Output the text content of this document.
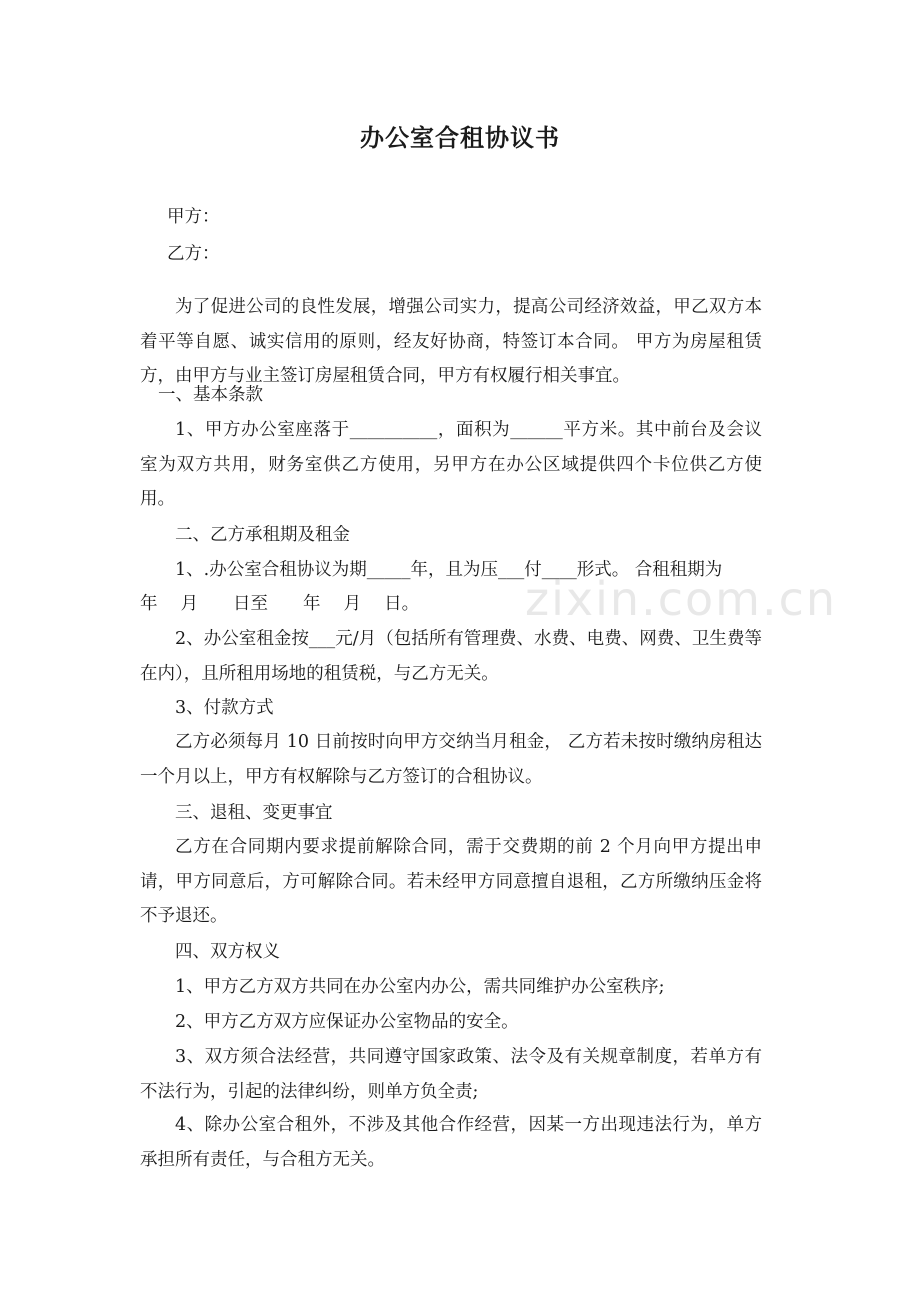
zixin.com.cn
办公室合租协议书
甲方：
乙方：
为了促进公司的良性发展，增强公司实力，提高公司经济效益，甲乙双方本着平等自愿、诚实信用的原则，经友好协商，特签订本合同。 甲方为房屋租赁方，由甲方与业主签订房屋租赁合同，甲方有权履行相关事宜。
一、基本条款
1、甲方办公室座落于__________，面积为______平方米。其中前台及会议室为双方共用，财务室供乙方使用，另甲方在办公区域提供四个卡位供乙方使用。
二、乙方承租期及租金
1、.办公室合租协议为期_____年，且为压___付____形式。 合租租期为
年　 月　　日至　　年　 月　 日。
2、办公室租金按___元/月（包括所有管理费、水费、电费、网费、卫生费等在内），且所租用场地的租赁税，与乙方无关。
3、付款方式
乙方必须每月 10 日前按时向甲方交纳当月租金， 乙方若未按时缴纳房租达一个月以上，甲方有权解除与乙方签订的合租协议。
三、退租、变更事宜
乙方在合同期内要求提前解除合同，需于交费期的前 2 个月向甲方提出申请，甲方同意后，方可解除合同。若未经甲方同意擅自退租，乙方所缴纳压金将不予退还。
四、双方权义
1、甲方乙方双方共同在办公室内办公，需共同维护办公室秩序;
2、甲方乙方双方应保证办公室物品的安全。
3、双方须合法经营，共同遵守国家政策、法令及有关规章制度，若单方有不法行为，引起的法律纠纷，则单方负全责;
4、除办公室合租外，不涉及其他合作经营，因某一方出现违法行为，单方承担所有责任，与合租方无关。
